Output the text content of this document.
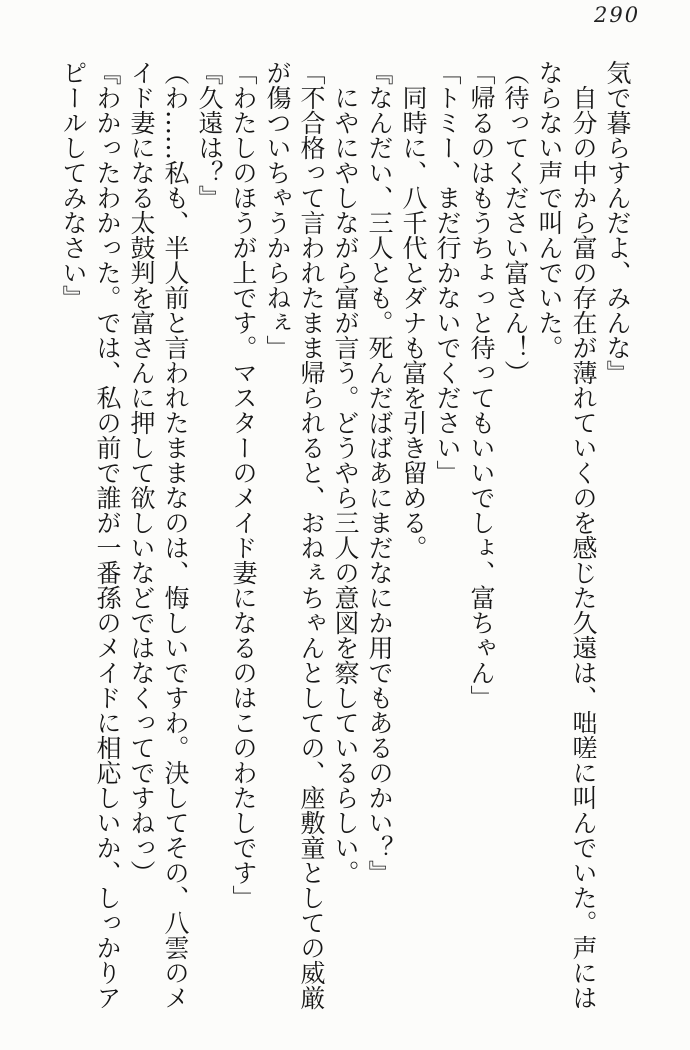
290

気で暮らすんだよ、みんな』

　自分の中から富の存在が薄れていくのを感じた久遠は、咄嗟に叫んでいた。声にはならない声で叫んでいた。

（待ってください富さん！）

「帰るのはもうちょっと待ってもいいでしょ、富ちゃん」

「トミー、まだ行かないでください」

　同時に、八千代とダナも富を引き留める。

『なんだい、三人とも。死んだばばあにまだなにか用でもあるのかい？』

　にやにやしながら富が言う。どうやら三人の意図を察しているらしい。

「不合格って言われたまま帰られると、おねぇちゃんとしての、座敷童としての威厳が傷ついちゃうからねぇ」

「わたしのほうが上です。マスターのメイド妻になるのはこのわたしです」

『久遠は？』

（わ……私も、半人前と言われたままなのは、悔しいですわ。決してその、八雲のメイド妻になる太鼓判を富さんに押して欲しいなどではなくってですねっ）

『わかったわかった。では、私の前で誰が一番孫のメイドに相応しいか、しっかりアピールしてみなさい』
